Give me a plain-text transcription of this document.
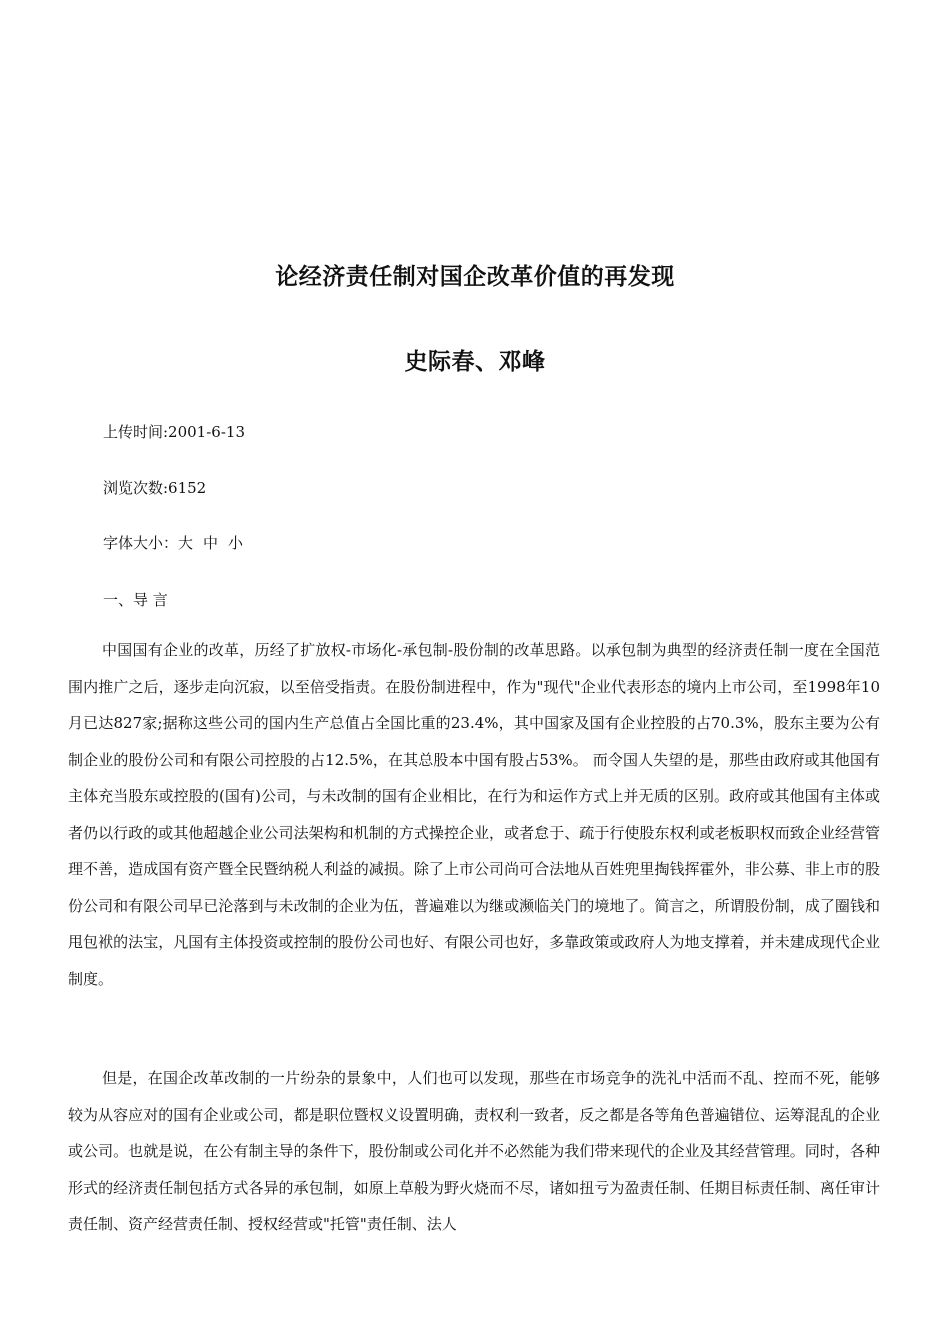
论经济责任制对国企改革价值的再发现
史际春、邓峰

上传时间:2001-6-13

浏览次数:6152

字体大小：大 中 小

一、导 言

中国国有企业的改革，历经了扩放权-市场化-承包制-股份制的改革思路。以承包制为典型的经济责任制一度在全国范围内推广之后，逐步走向沉寂，以至倍受指责。在股份制进程中，作为"现代"企业代表形态的境内上市公司，至1998年10月已达827家;据称这些公司的国内生产总值占全国比重的23.4%，其中国家及国有企业控股的占70.3%，股东主要为公有制企业的股份公司和有限公司控股的占12.5%，在其总股本中国有股占53%。 而令国人失望的是，那些由政府或其他国有主体充当股东或控股的(国有)公司，与未改制的国有企业相比，在行为和运作方式上并无质的区别。政府或其他国有主体或者仍以行政的或其他超越企业公司法架构和机制的方式操控企业，或者怠于、疏于行使股东权利或老板职权而致企业经营管理不善，造成国有资产暨全民暨纳税人利益的减损。除了上市公司尚可合法地从百姓兜里掏钱挥霍外，非公募、非上市的股份公司和有限公司早已沦落到与未改制的企业为伍，普遍难以为继或濒临关门的境地了。简言之，所谓股份制，成了圈钱和甩包袱的法宝，凡国有主体投资或控制的股份公司也好、有限公司也好，多靠政策或政府人为地支撑着，并未建成现代企业制度。

但是，在国企改革改制的一片纷杂的景象中，人们也可以发现，那些在市场竞争的洗礼中活而不乱、控而不死，能够较为从容应对的国有企业或公司，都是职位暨权义设置明确，责权利一致者，反之都是各等角色普遍错位、运筹混乱的企业或公司。也就是说，在公有制主导的条件下，股份制或公司化并不必然能为我们带来现代的企业及其经营管理。同时，各种形式的经济责任制包括方式各异的承包制，如原上草般为野火烧而不尽，诸如扭亏为盈责任制、任期目标责任制、离任审计责任制、资产经营责任制、授权经营或"托管"责任制、法人
